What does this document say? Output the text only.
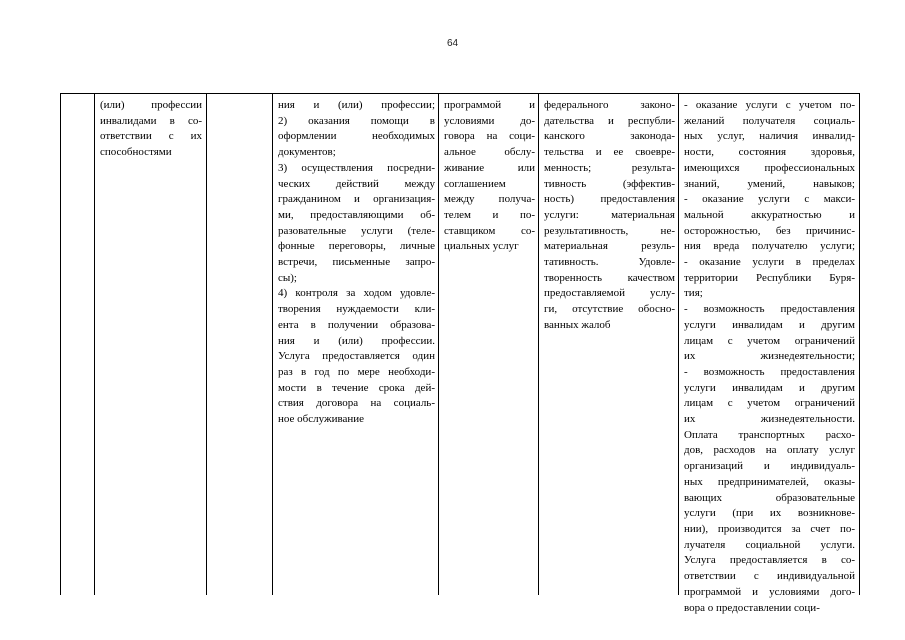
64
(или) профессии
инвалидами в со-
ответствии с их
способностями
ния и (или) профессии;
2) оказания помощи в
оформлении необходимых
документов;
3) осуществления посредни-
ческих действий между
гражданином и организация-
ми, предоставляющими об-
разовательные услуги (теле-
фонные переговоры, личные
встречи, письменные запро-
сы);
4) контроля за ходом удовле-
творения нуждаемости кли-
ента в получении образова-
ния и (или) профессии.
Услуга предоставляется один
раз в год по мере необходи-
мости в течение срока дей-
ствия договора на социаль-
ное обслуживание
программой и
условиями до-
говора на соци-
альное обслу-
живание или
соглашением
между получа-
телем и по-
ставщиком со-
циальных услуг
федерального законо-
дательства и республи-
канского законода-
тельства и ее своевре-
менность; результа-
тивность (эффектив-
ность) предоставления
услуги: материальная
результативность, не-
материальная резуль-
тативность. Удовле-
творенность качеством
предоставляемой услу-
ги, отсутствие обосно-
ванных жалоб
- оказание услуги с учетом по-
желаний получателя социаль-
ных услуг, наличия инвалид-
ности, состояния здоровья,
имеющихся профессиональных
знаний, умений, навыков;
- оказание услуги с макси-
мальной аккуратностью и
осторожностью, без причинис-
ния вреда получателю услуги;
- оказание услуги в пределах
территории Республики Буря-
тия;
- возможность предоставления
услуги инвалидам и другим
лицам с учетом ограничений
их жизнедеятельности;
- возможность предоставления
услуги инвалидам и другим
лицам с учетом ограничений
их жизнедеятельности.
Оплата транспортных расхо-
дов, расходов на оплату услуг
организаций и индивидуаль-
ных предпринимателей, оказы-
вающих образовательные
услуги (при их возникнове-
нии), производится за счет по-
лучателя социальной услуги.
Услуга предоставляется в со-
ответствии с индивидуальной
программой и условиями дого-
вора о предоставлении соци-
